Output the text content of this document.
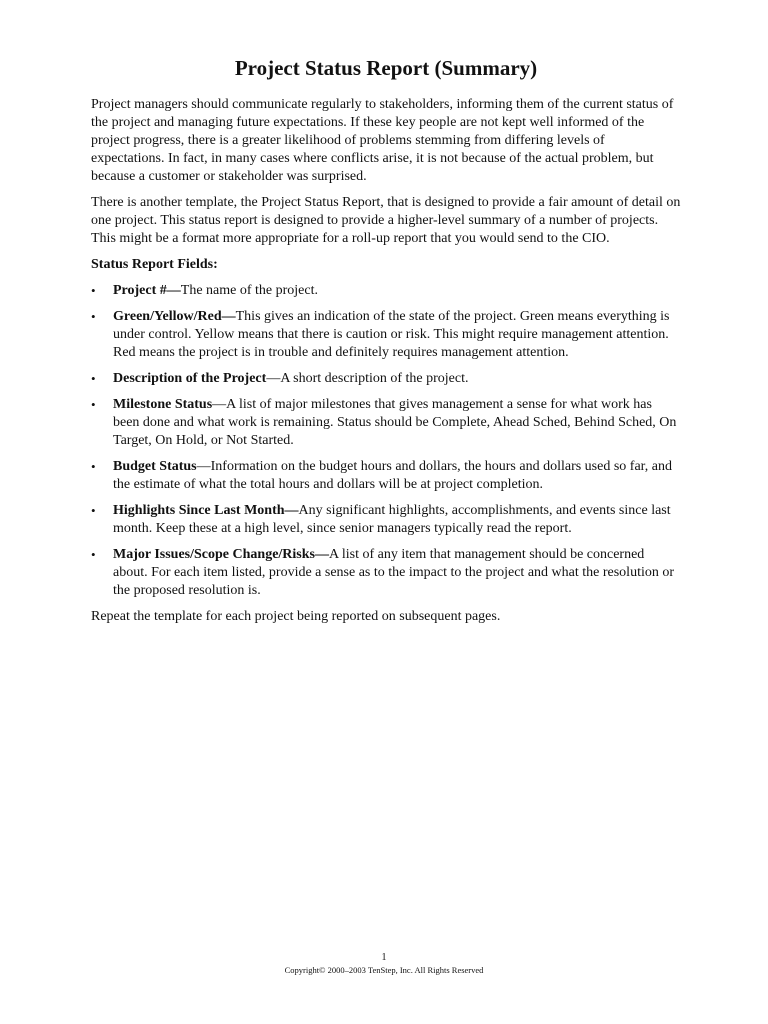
Project Status Report (Summary)

Project managers should communicate regularly to stakeholders, informing them of the current status of the project and managing future expectations. If these key people are not kept well informed of the project progress, there is a greater likelihood of problems stemming from differing levels of expectations. In fact, in many cases where conflicts arise, it is not because of the actual problem, but because a customer or stakeholder was surprised.

There is another template, the Project Status Report, that is designed to provide a fair amount of detail on one project. This status report is designed to provide a higher-level summary of a number of projects. This might be a format more appropriate for a roll-up report that you would send to the CIO.

Status Report Fields:
• Project #—The name of the project.
• Green/Yellow/Red—This gives an indication of the state of the project. Green means everything is under control. Yellow means that there is caution or risk. This might require management attention. Red means the project is in trouble and definitely requires management attention.
• Description of the Project—A short description of the project.
• Milestone Status—A list of major milestones that gives management a sense for what work has been done and what work is remaining. Status should be Complete, Ahead Sched, Behind Sched, On Target, On Hold, or Not Started.
• Budget Status—Information on the budget hours and dollars, the hours and dollars used so far, and the estimate of what the total hours and dollars will be at project completion.
• Highlights Since Last Month—Any significant highlights, accomplishments, and events since last month. Keep these at a high level, since senior managers typically read the report.
• Major Issues/Scope Change/Risks—A list of any item that management should be concerned about. For each item listed, provide a sense as to the impact to the project and what the resolution or the proposed resolution is.

Repeat the template for each project being reported on subsequent pages.

1
Copyright© 2000–2003 TenStep, Inc. All Rights Reserved
